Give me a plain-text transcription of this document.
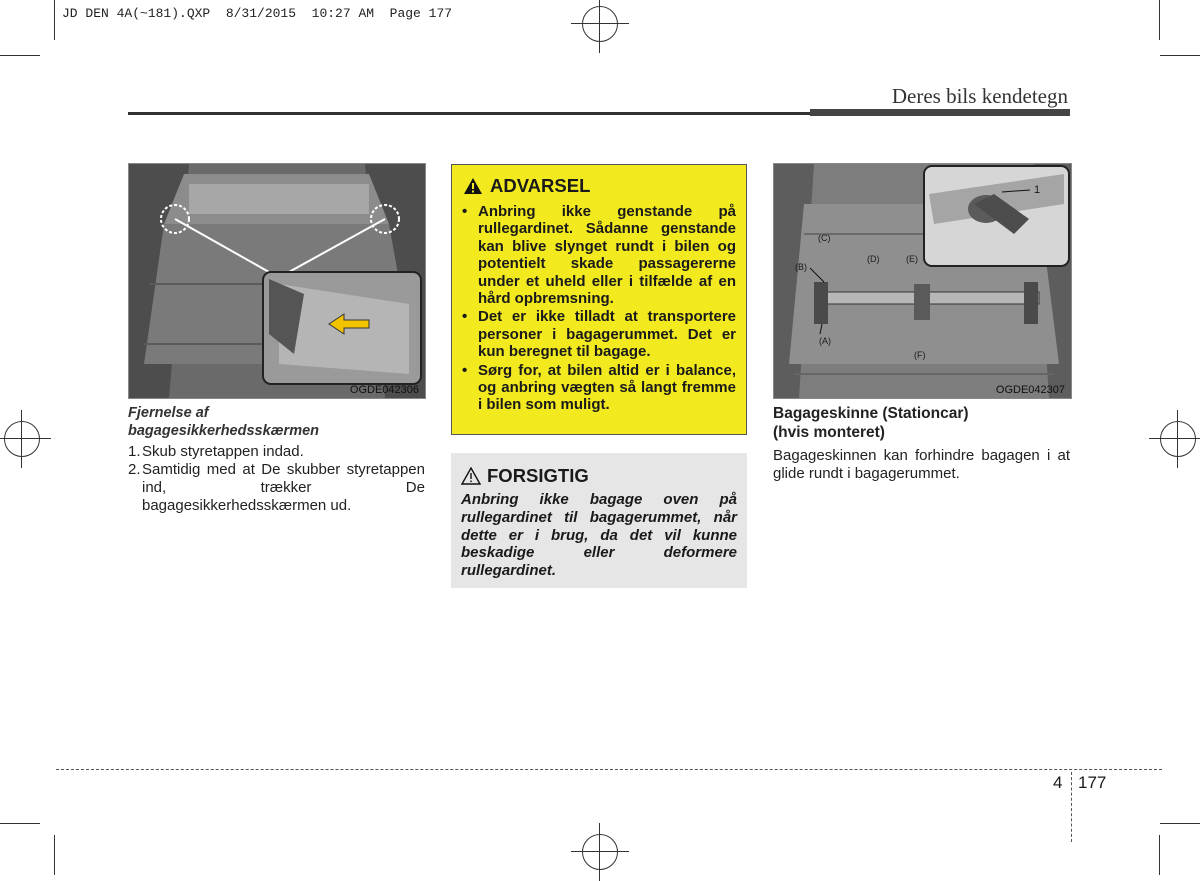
JD DEN 4A(~181).QXP  8/31/2015  10:27 AM  Page 177
Deres bils kendetegn
OGDE042306
Fjernelse af bagagesikkerhedsskærmen
1. Skub styretappen indad.
2. Samtidig med at De skubber styretappen ind, trækker De bagagesikkerhedsskærmen ud.
ADVARSEL
• Anbring ikke genstande på rullegardinet. Sådanne genstande kan blive slynget rundt i bilen og potentielt skade passagererne under et uheld eller i tilfælde af en hård opbremsning.
• Det er ikke tilladt at transportere personer i bagagerummet. Det er kun beregnet til bagage.
• Sørg for, at bilen altid er i balance, og anbring vægten så langt fremme i bilen som muligt.
FORSIGTIG
Anbring ikke bagage oven på rullegardinet til bagagerummet, når dette er i brug, da det vil kunne beskadige eller deformere rullegardinet.
1
(C)
(B)
(D)	(E)
(A)
(F)
OGDE042307
Bagageskinne (Stationcar)
(hvis monteret)
Bagageskinnen kan forhindre bagagen i at glide rundt i bagagerummet.
4 177
